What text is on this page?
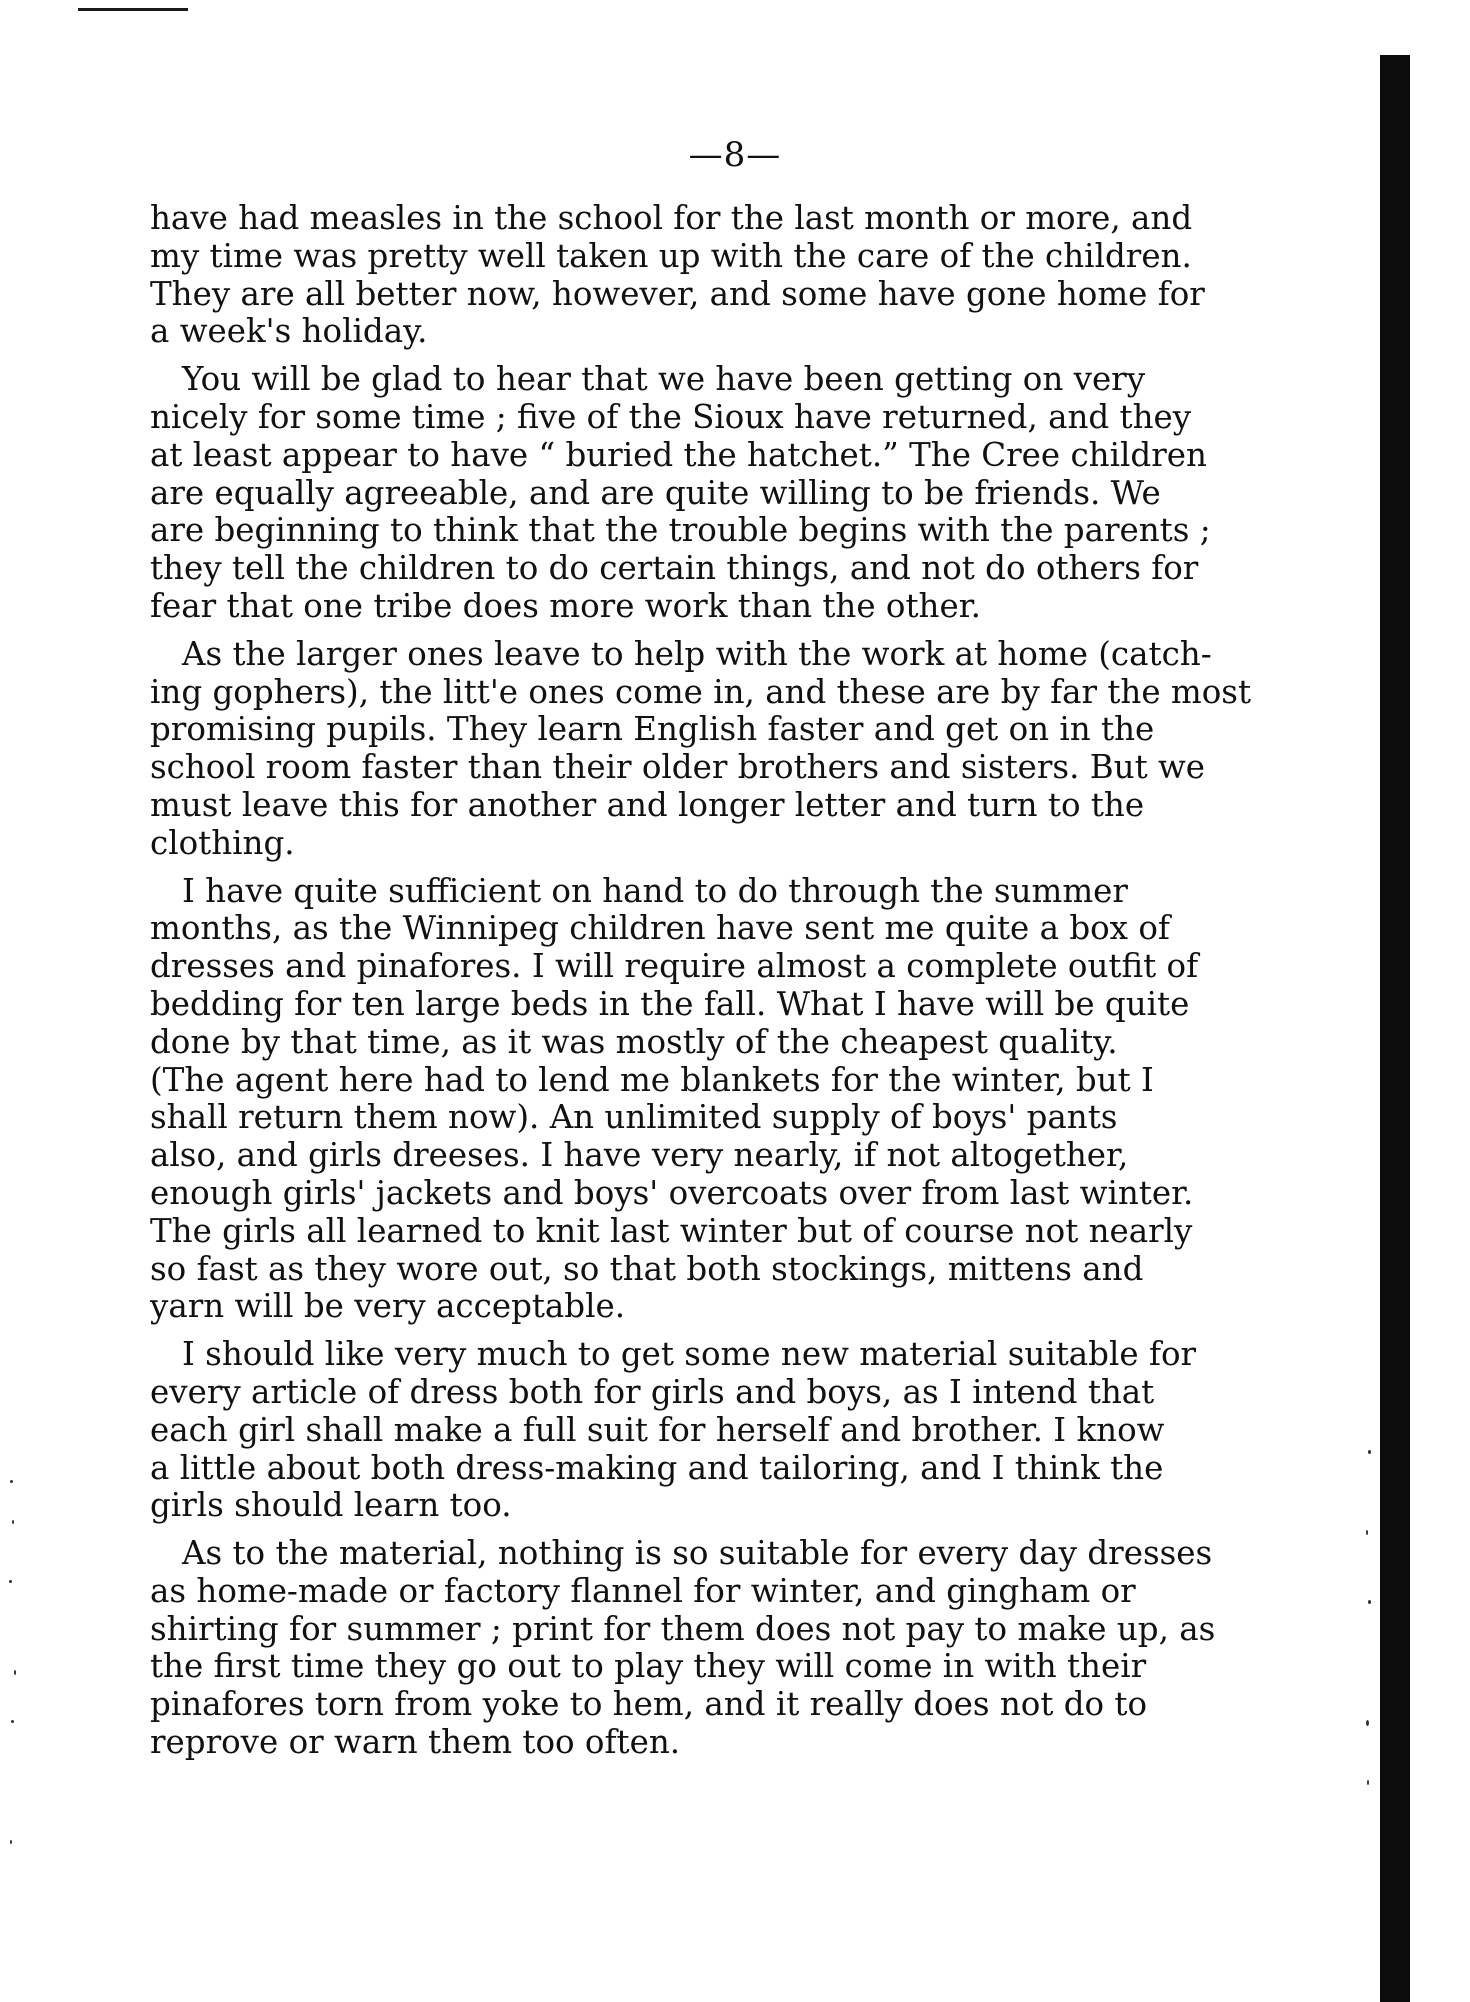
—8—
have had measles in the school for the last month or more, and
my time was pretty well taken up with the care of the children.
They are all better now, however, and some have gone home for
a week's holiday.
You will be glad to hear that we have been getting on very
nicely for some time ; five of the Sioux have returned, and they
at least appear to have “ buried the hatchet.” The Cree children
are equally agreeable, and are quite willing to be friends. We
are beginning to think that the trouble begins with the parents ;
they tell the children to do certain things, and not do others for
fear that one tribe does more work than the other.
As the larger ones leave to help with the work at home (catch-
ing gophers), the litt'e ones come in, and these are by far the most
promising pupils. They learn English faster and get on in the
school room faster than their older brothers and sisters. But we
must leave this for another and longer letter and turn to the
clothing.
I have quite sufficient on hand to do through the summer
months, as the Winnipeg children have sent me quite a box of
dresses and pinafores. I will require almost a complete outfit of
bedding for ten large beds in the fall. What I have will be quite
done by that time, as it was mostly of the cheapest quality.
(The agent here had to lend me blankets for the winter, but I
shall return them now). An unlimited supply of boys' pants
also, and girls dreeses. I have very nearly, if not altogether,
enough girls' jackets and boys' overcoats over from last winter.
The girls all learned to knit last winter but of course not nearly
so fast as they wore out, so that both stockings, mittens and
yarn will be very acceptable.
I should like very much to get some new material suitable for
every article of dress both for girls and boys, as I intend that
each girl shall make a full suit for herself and brother. I know
a little about both dress-making and tailoring, and I think the
girls should learn too.
As to the material, nothing is so suitable for every day dresses
as home-made or factory flannel for winter, and gingham or
shirting for summer ; print for them does not pay to make up, as
the first time they go out to play they will come in with their
pinafores torn from yoke to hem, and it really does not do to
reprove or warn them too often.
